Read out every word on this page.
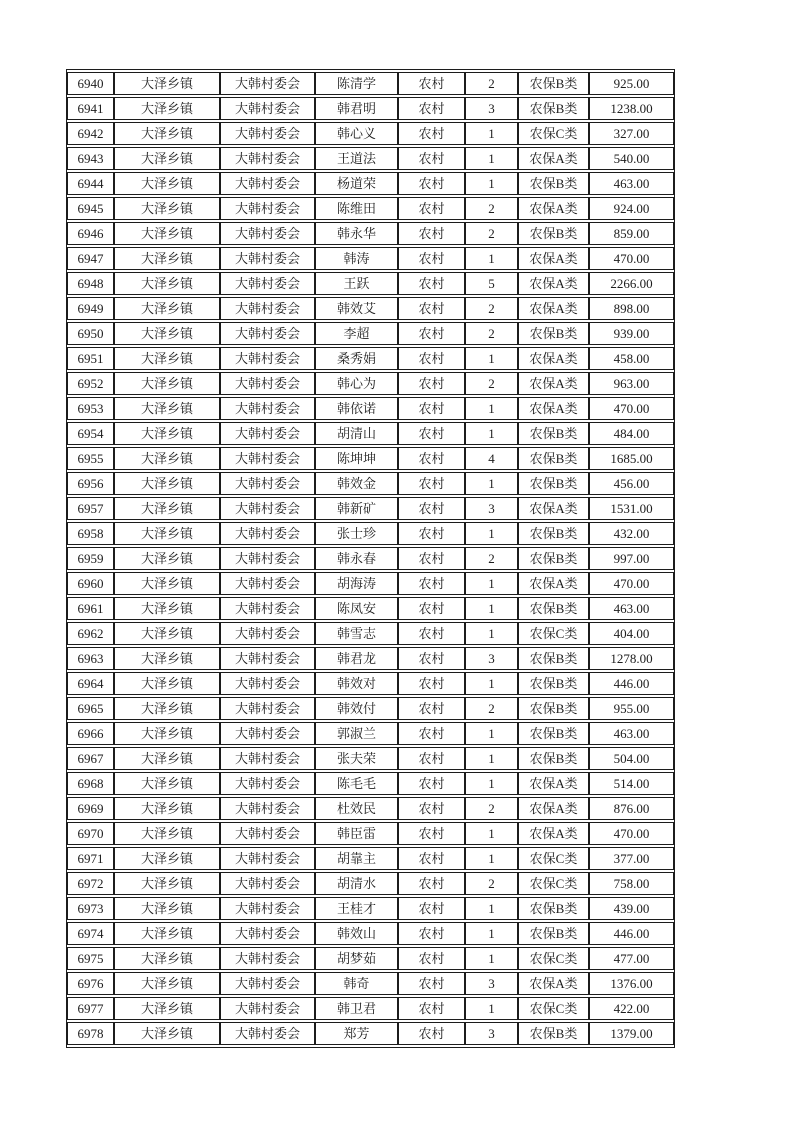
6940	大泽乡镇	大韩村委会	陈清学	农村	2	农保B类	925.00
6941	大泽乡镇	大韩村委会	韩君明	农村	3	农保B类	1238.00
6942	大泽乡镇	大韩村委会	韩心义	农村	1	农保C类	327.00
6943	大泽乡镇	大韩村委会	王道法	农村	1	农保A类	540.00
6944	大泽乡镇	大韩村委会	杨道荣	农村	1	农保B类	463.00
6945	大泽乡镇	大韩村委会	陈维田	农村	2	农保A类	924.00
6946	大泽乡镇	大韩村委会	韩永华	农村	2	农保B类	859.00
6947	大泽乡镇	大韩村委会	韩涛	农村	1	农保A类	470.00
6948	大泽乡镇	大韩村委会	王跃	农村	5	农保A类	2266.00
6949	大泽乡镇	大韩村委会	韩效艾	农村	2	农保A类	898.00
6950	大泽乡镇	大韩村委会	李超	农村	2	农保B类	939.00
6951	大泽乡镇	大韩村委会	桑秀娟	农村	1	农保A类	458.00
6952	大泽乡镇	大韩村委会	韩心为	农村	2	农保A类	963.00
6953	大泽乡镇	大韩村委会	韩依诺	农村	1	农保A类	470.00
6954	大泽乡镇	大韩村委会	胡清山	农村	1	农保B类	484.00
6955	大泽乡镇	大韩村委会	陈坤坤	农村	4	农保B类	1685.00
6956	大泽乡镇	大韩村委会	韩效金	农村	1	农保B类	456.00
6957	大泽乡镇	大韩村委会	韩新矿	农村	3	农保A类	1531.00
6958	大泽乡镇	大韩村委会	张士珍	农村	1	农保B类	432.00
6959	大泽乡镇	大韩村委会	韩永春	农村	2	农保B类	997.00
6960	大泽乡镇	大韩村委会	胡海涛	农村	1	农保A类	470.00
6961	大泽乡镇	大韩村委会	陈凤安	农村	1	农保B类	463.00
6962	大泽乡镇	大韩村委会	韩雪志	农村	1	农保C类	404.00
6963	大泽乡镇	大韩村委会	韩君龙	农村	3	农保B类	1278.00
6964	大泽乡镇	大韩村委会	韩效对	农村	1	农保B类	446.00
6965	大泽乡镇	大韩村委会	韩效付	农村	2	农保B类	955.00
6966	大泽乡镇	大韩村委会	郭淑兰	农村	1	农保B类	463.00
6967	大泽乡镇	大韩村委会	张夫荣	农村	1	农保B类	504.00
6968	大泽乡镇	大韩村委会	陈毛毛	农村	1	农保A类	514.00
6969	大泽乡镇	大韩村委会	杜效民	农村	2	农保A类	876.00
6970	大泽乡镇	大韩村委会	韩臣雷	农村	1	农保A类	470.00
6971	大泽乡镇	大韩村委会	胡靠主	农村	1	农保C类	377.00
6972	大泽乡镇	大韩村委会	胡清水	农村	2	农保C类	758.00
6973	大泽乡镇	大韩村委会	王桂才	农村	1	农保B类	439.00
6974	大泽乡镇	大韩村委会	韩效山	农村	1	农保B类	446.00
6975	大泽乡镇	大韩村委会	胡梦茹	农村	1	农保C类	477.00
6976	大泽乡镇	大韩村委会	韩奇	农村	3	农保A类	1376.00
6977	大泽乡镇	大韩村委会	韩卫君	农村	1	农保C类	422.00
6978	大泽乡镇	大韩村委会	郑芳	农村	3	农保B类	1379.00
